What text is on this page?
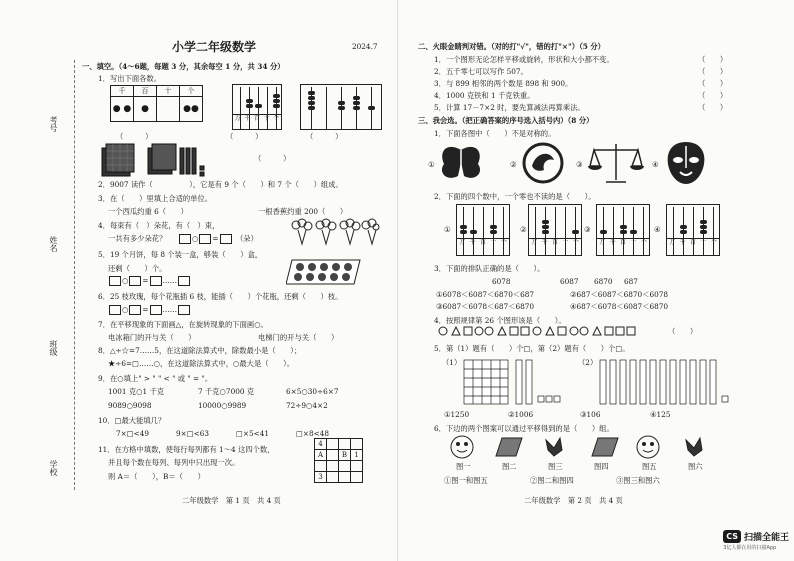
考号
姓名
班级
学校
小学二年级数学	2024.7
一、填空。（4～6题，每题 3 分，其余每空 1 分，共 34 分）
1．写出下面各数。
千	百	十	个
● ●	●		●●
万 千 百 十 个
（　　　）	（　　　）	（　　　）
（　　　）
2．9007 读作（　　　　　），它是有 9 个（　　）和 7 个（　　）组成。
3．在（　　）里填上合适的单位。
一个西瓜约重 6（　　）	一根香蕉约重 200（　　）
4．每束有（　）朵花，有（　）束，
一共有多少朵花？	○ =	（朵）
5．19 个月饼，每 8 个装一盒，够装（　　）盒，
还剩（　　）个。
○ = ……
6．25 枝玫瑰，每个花瓶插 6 枝，能插（　　）个花瓶，还剩（　　）枝。
○ = ……
7．在平移现象的下面画△，在旋转现象的下面画○。
电冰箱门的开与关（　　）	电梯门的开与关（　　）
8．△÷☆=7……5，在这道除法算式中，除数最小是（　　）；
★÷6=□……○，在这道除法算式中，○最大是（　　）。
9．在○填上" > " " < " 或 " = "。
1001 克○1 千克	7 千克○7000 克	6×5○30÷6×7
9089○9098	10000○9989	72÷9○4×2
10．□最大能填几？
7×□<49	9×□<63	□×5<41	□×8<48
11．在方格中填数，使每行每列都有 1～4 这四个数，
并且每个数在每列、每列中只出现一次。
则 A＝（　　），B＝（　　）
4			
A		B	1

3			
二年级数学　第 1 页　共 4 页
二、火眼金睛判对错。（对的打"√"，错的打"×"）（5 分）
1．一个图形无论怎样平移或旋转，形状和大小都不变。
2．五千零七可以写作 507。
3．与 899 相邻的两个数是 898 和 900。
4．1000 克铁和 1 千克铁重。
5．计算 17－7×2 时，要先算减法再算乘法。
（　　）
（　　）
（　　）
（　　）
（　　）
三、我会选。（把正确答案的序号选入括号内）（8 分）
1．下面各图中（　　）不是对称的。
①	②	③	④
2．下面的四个数中，一个零也不读的是（　　）。
①	②	③	④
万 千 百 十 个	万 千 百 十 个	万 千 百 十 个	万 千 百 十 个
3．下面的排队正确的是（　　）。
6078	6087 6870 687
①6078＜6087＜6870＜687	②687＜6087＜6870＜6078
③6087＜6078＜687＜6870	④687＜6078＜6087＜6870
4．按照规律第 26 个图形该是（　　）。
（　　）
5．第（1）题有（　　）个□，第（2）题有（　　）个□。
（1）	（2）
①1250	②1006	③106	④125
6．下边的两个图案可以通过平移得到的是（　　）组。
图一	图二	图三	图四	图五	图六
①图一和图五	②图二和图四	③图三和图六
二年级数学　第 2 页　共 4 页
CS 扫描全能王
3亿人都在用的扫描App
